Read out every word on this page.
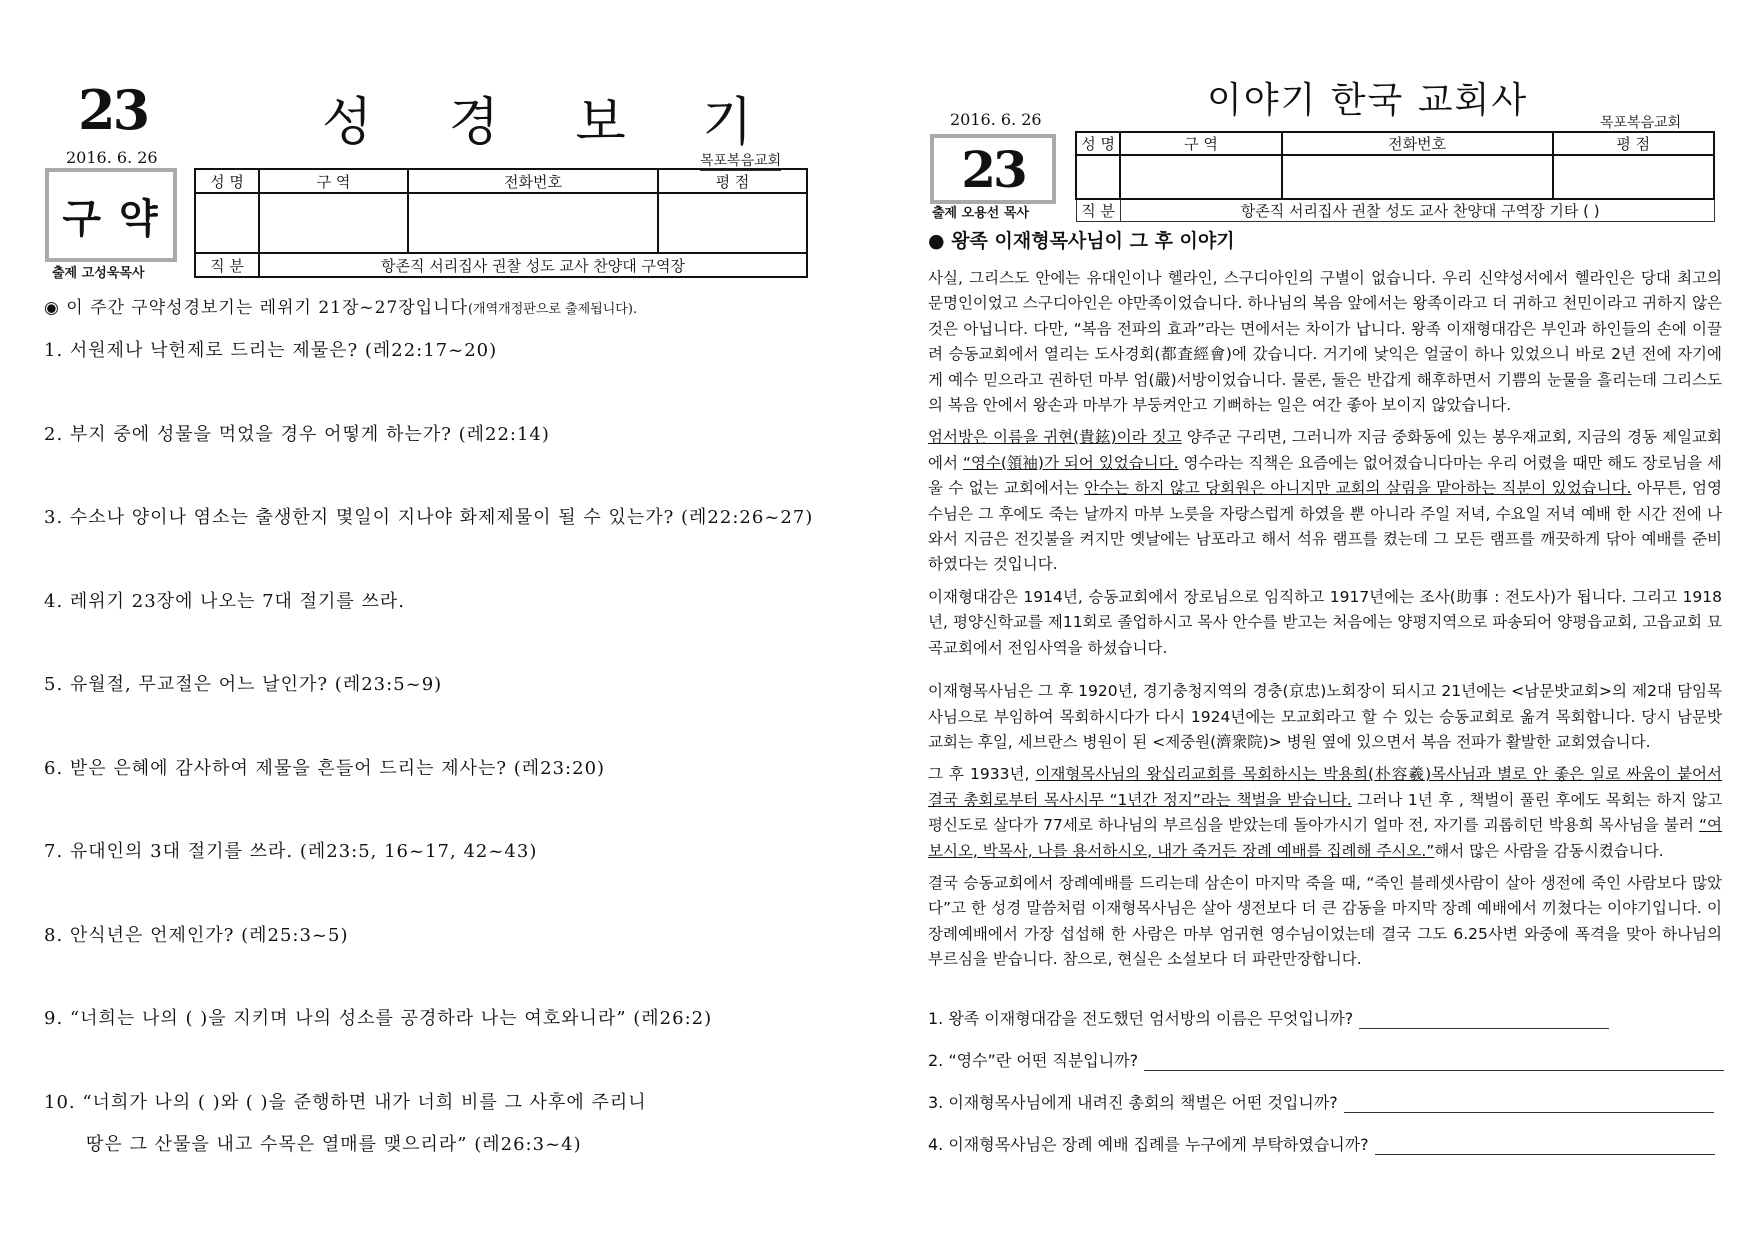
23	성 경 보 기
2016. 6. 26	목포복음교회
구 약
출제 고성욱목사
성 명	구 역	전화번호	평 점

직 분	항존직 서리집사 권찰 성도 교사 찬양대 구역장		
◉ 이 주간 구약성경보기는 레위기 21장~27장입니다(개역개정판으로 출제됩니다).
1. 서원제나 낙헌제로 드리는 제물은? (레22:17~20)
2. 부지 중에 성물을 먹었을 경우 어떻게 하는가? (레22:14)
3. 수소나 양이나 염소는 출생한지 몇일이 지나야 화제제물이 될 수 있는가? (레22:26~27)
4. 레위기 23장에 나오는 7대 절기를 쓰라.
5. 유월절, 무교절은 어느 날인가? (레23:5~9)
6. 받은 은혜에 감사하여 제물을 흔들어 드리는 제사는? (레23:20)
7. 유대인의 3대 절기를 쓰라. (레23:5, 16~17, 42~43)
8. 안식년은 언제인가? (레25:3~5)
9. “너희는 나의 ( )을 지키며 나의 성소를 공경하라 나는 여호와니라” (레26:2)
10. “너희가 나의 ( )와 ( )을 준행하면 내가 너희 비를 그 사후에 주리니
땅은 그 산물을 내고 수목은 열매를 맺으리라” (레26:3~4)
이야기 한국 교회사
2016. 6. 26	목포복음교회
23
출제 오용선 목사
성 명	구 역	전화번호	평 점

직 분	항존직 서리집사 권찰 성도 교사 찬양대 구역장 기타 ( )		
● 왕족 이재형목사님이 그 후 이야기

사실, 그리스도 안에는 유대인이나 헬라인, 스구디아인의 구별이 없습니다. 우리 신약성서에서 헬라인은 당대 최고의 문명인이었고 스구디아인은 야만족이었습니다. 하나님의 복음 앞에서는 왕족이라고 더 귀하고 천민이라고 귀하지 않은 것은 아닙니다. 다만, “복음 전파의 효과”라는 면에서는 차이가 납니다. 왕족 이재형대감은 부인과 하인들의 손에 이끌려 승동교회에서 열리는 도사경회(都査經會)에 갔습니다. 거기에 낯익은 얼굴이 하나 있었으니 바로 2년 전에 자기에게 예수 믿으라고 권하던 마부 엄(嚴)서방이었습니다. 물론, 둘은 반갑게 해후하면서 기쁨의 눈물을 흘리는데 그리스도의 복음 안에서 왕손과 마부가 부둥켜안고 기뻐하는 일은 여간 좋아 보이지 않았습니다.

엄서방은 이름을 귀현(貴鉉)이라 짓고 양주군 구리면, 그러니까 지금 중화동에 있는 봉우재교회, 지금의 경동 제일교회에서 “영수(領袖)가 되어 있었습니다. 영수라는 직책은 요즘에는 없어졌습니다마는 우리 어렸을 때만 해도 장로님을 세울 수 없는 교회에서는 안수는 하지 않고 당회원은 아니지만 교회의 살림을 맡아하는 직분이 있었습니다. 아무튼, 엄영수님은 그 후에도 죽는 날까지 마부 노릇을 자랑스럽게 하였을 뿐 아니라 주일 저녁, 수요일 저녁 예배 한 시간 전에 나와서 지금은 전깃불을 켜지만 옛날에는 남포라고 해서 석유 램프를 켰는데 그 모든 램프를 깨끗하게 닦아 예배를 준비하였다는 것입니다.

이재형대감은 1914년, 승동교회에서 장로님으로 임직하고 1917년에는 조사(助事 : 전도사)가 됩니다. 그리고 1918년, 평양신학교를 제11회로 졸업하시고 목사 안수를 받고는 처음에는 양평지역으로 파송되어 양평읍교회, 고읍교회 묘곡교회에서 전임사역을 하셨습니다.

이재형목사님은 그 후 1920년, 경기충청지역의 경충(京忠)노회장이 되시고 21년에는 <남문밧교회>의 제2대 담임목사님으로 부임하여 목회하시다가 다시 1924년에는 모교회라고 할 수 있는 승동교회로 옮겨 목회합니다. 당시 남문밧교회는 후일, 세브란스 병원이 된 <제중원(濟衆院)> 병원 옆에 있으면서 복음 전파가 활발한 교회였습니다.

그 후 1933년, 이재형목사님의 왕십리교회를 목회하시는 박용희(朴容羲)목사님과 별로 안 좋은 일로 싸움이 붙어서 결국 총회로부터 목사시무 “1년간 정지”라는 책벌을 받습니다. 그러나 1년 후 , 책벌이 풀린 후에도 목회는 하지 않고 평신도로 살다가 77세로 하나님의 부르심을 받았는데 돌아가시기 얼마 전, 자기를 괴롭히던 박용희 목사님을 불러 “여보시오, 박목사, 나를 용서하시오, 내가 죽거든 장례 예배를 집례해 주시오.”해서 많은 사람을 감동시켰습니다.

결국 승동교회에서 장례예배를 드리는데 삼손이 마지막 죽을 때, “죽인 블레셋사람이 살아 생전에 죽인 사람보다 많았다”고 한 성경 말씀처럼 이재형목사님은 살아 생전보다 더 큰 감동을 마지막 장례 예배에서 끼쳤다는 이야기입니다. 이 장례예배에서 가장 섭섭해 한 사람은 마부 엄귀현 영수님이었는데 결국 그도 6.25사변 와중에 폭격을 맞아 하나님의 부르심을 받습니다. 참으로, 현실은 소설보다 더 파란만장합니다.

1. 왕족 이재형대감을 전도했던 엄서방의 이름은 무엇입니까?
2. “영수”란 어떤 직분입니까?
3. 이재형목사님에게 내려진 총회의 책벌은 어떤 것입니까?
4. 이재형목사님은 장례 예배 집례를 누구에게 부탁하였습니까?
